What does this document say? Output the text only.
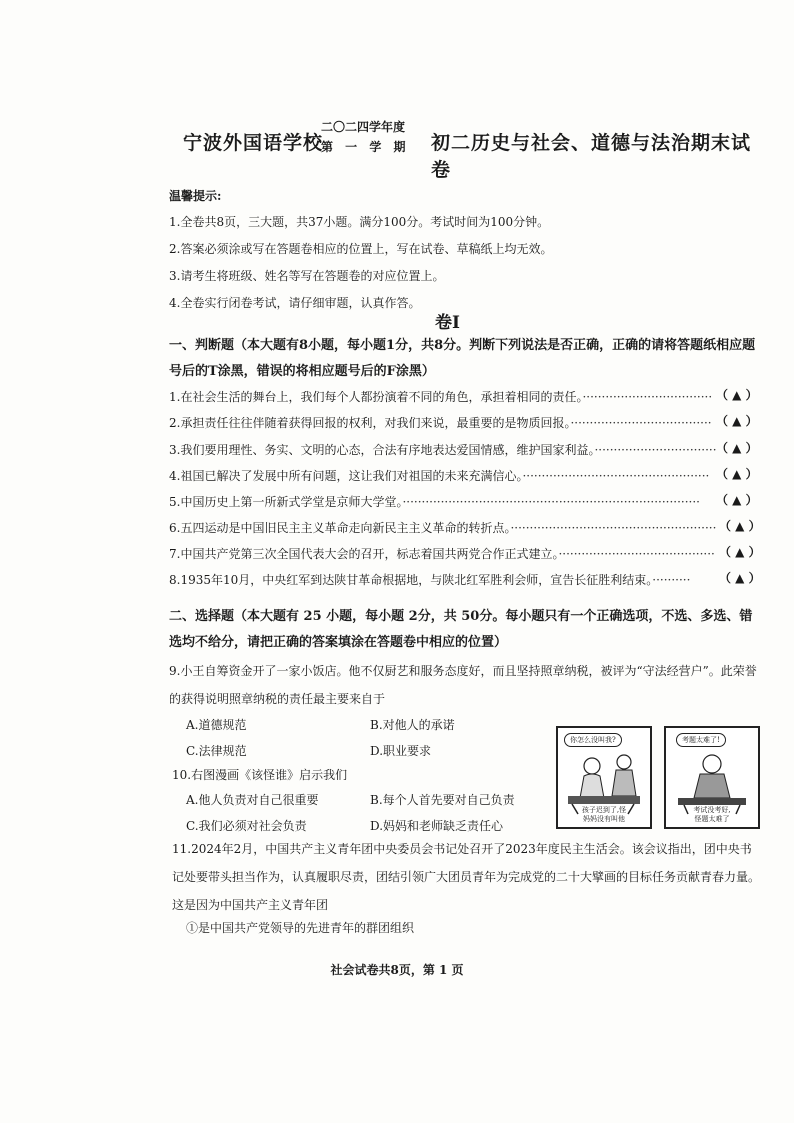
宁波外国语学校
二〇二四学年度
第 一 学 期 初二历史与社会、道德与法治期末试卷
温馨提示:
1.全卷共8页，三大题，共37小题。满分100分。考试时间为100分钟。
2.答案必须涂或写在答题卷相应的位置上，写在试卷、草稿纸上均无效。
3.请考生将班级、姓名等写在答题卷的对应位置上。
4.全卷实行闭卷考试，请仔细审题，认真作答。
卷Ⅰ
一、判断题（本大题有8小题，每小题1分，共8分。判断下列说法是否正确，正确的请将答题纸相应题号后的T涂黑，错误的将相应题号后的F涂黑）
1.在社会生活的舞台上，我们每个人都扮演着不同的角色，承担着相同的责任。·································· （ ▲ ）
2.承担责任往往伴随着获得回报的权利，对我们来说，最重要的是物质回报。····································· （ ▲ ）
3.我们要用理性、务实、文明的心态，合法有序地表达爱国情感，维护国家利益。································ （ ▲ ）
4.祖国已解决了发展中所有问题，这让我们对祖国的未来充满信心。················································· （ ▲ ）
5.中国历史上第一所新式学堂是京师大学堂。·············································································· （ ▲ ）
6.五四运动是中国旧民主主义革命走向新民主主义革命的转折点。······················································ （ ▲ ）
7.中国共产党第三次全国代表大会的召开，标志着国共两党合作正式建立。········································· （ ▲ ）
8.1935年10月，中央红军到达陕甘革命根据地，与陕北红军胜利会师，宣告长征胜利结束。·········· （ ▲ ）
二、选择题（本大题有 25 小题，每小题 2分，共 50分。每小题只有一个正确选项，不选、多选、错选均不给分，请把正确的答案填涂在答题卷中相应的位置）
9.小王自筹资金开了一家小饭店。他不仅厨艺和服务态度好，而且坚持照章纳税，被评为“守法经营户”。此荣誉的获得说明照章纳税的责任最主要来自于
A.道德规范	B.对他人的承诺
C.法律规范	D.职业要求
10.右图漫画《该怪谁》启示我们
A.他人负责对自己很重要	B.每个人首先要对自己负责
C.我们必须对社会负责	D.妈妈和老师缺乏责任心
你怎么没叫我?
孩子迟到了,怪
妈妈没有叫他
考题太难了!
考试没考好,
怪题太难了
11.2024年2月，中国共产主义青年团中央委员会书记处召开了2023年度民主生活会。该会议指出，团中央书记处要带头担当作为，认真履职尽责，团结引领广大团员青年为完成党的二十大擘画的目标任务贡献青春力量。这是因为中国共产主义青年团
①是中国共产党领导的先进青年的群团组织
社会试卷共8页，第 1 页
